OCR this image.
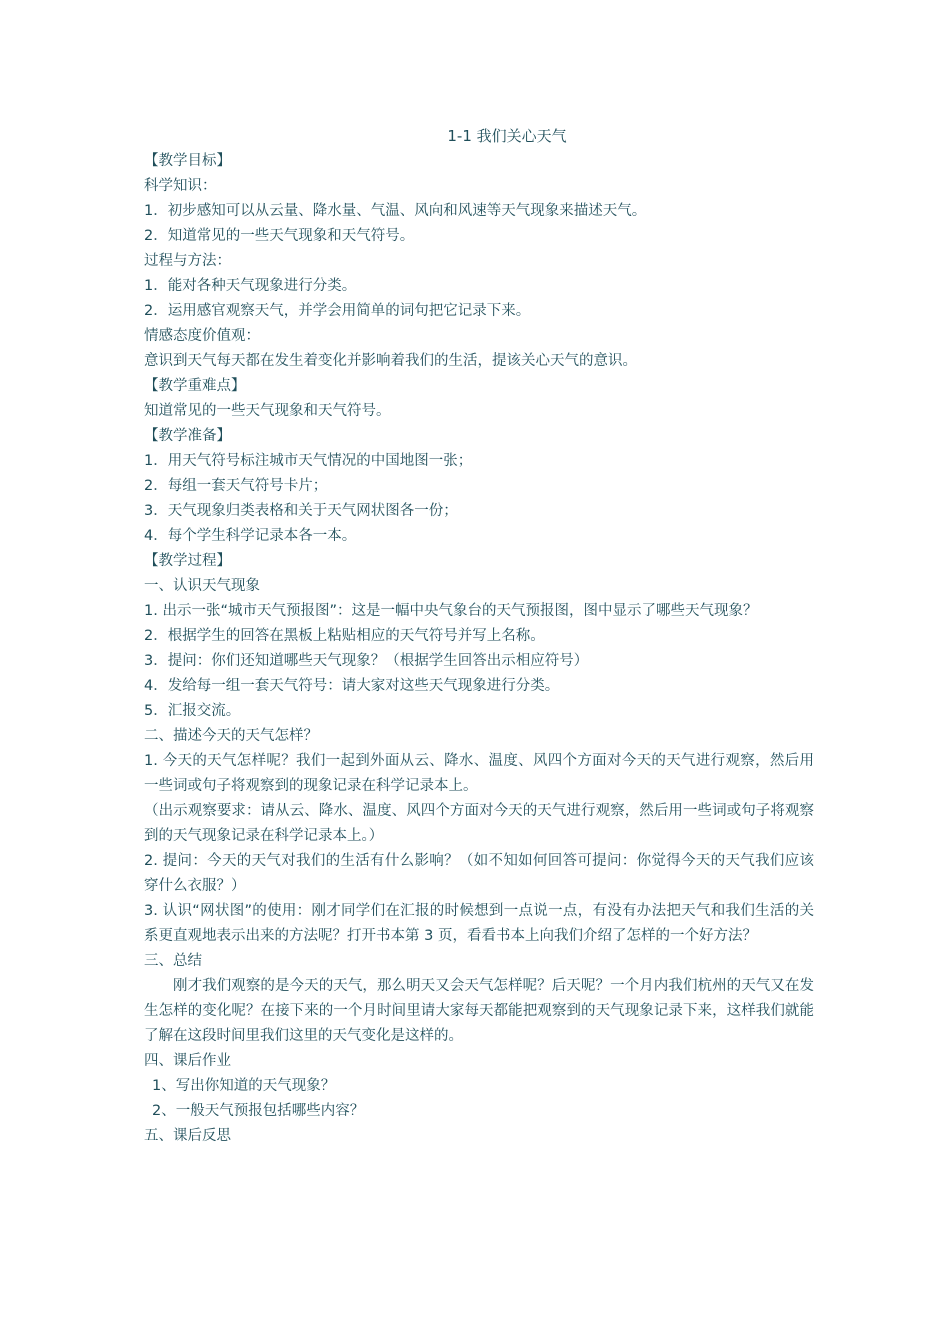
1-1 我们关心天气
【教学目标】
科学知识：
1．初步感知可以从云量、降水量、气温、风向和风速等天气现象来描述天气。
2．知道常见的一些天气现象和天气符号。
过程与方法：
1．能对各种天气现象进行分类。
2．运用感官观察天气，并学会用简单的词句把它记录下来。
情感态度价值观：
意识到天气每天都在发生着变化并影响着我们的生活，提该关心天气的意识。
【教学重难点】
知道常见的一些天气现象和天气符号。
【教学准备】
1．用天气符号标注城市天气情况的中国地图一张；
2．每组一套天气符号卡片；
3．天气现象归类表格和关于天气网状图各一份；
4．每个学生科学记录本各一本。
【教学过程】
一、认识天气现象
1. 出示一张“城市天气预报图”：这是一幅中央气象台的天气预报图，图中显示了哪些天气现象？
2．根据学生的回答在黑板上粘贴相应的天气符号并写上名称。
3．提问：你们还知道哪些天气现象？（根据学生回答出示相应符号）
4．发给每一组一套天气符号：请大家对这些天气现象进行分类。
5．汇报交流。
二、描述今天的天气怎样？
1. 今天的天气怎样呢？我们一起到外面从云、降水、温度、风四个方面对今天的天气进行观察，然后用一些词或句子将观察到的现象记录在科学记录本上。
（出示观察要求：请从云、降水、温度、风四个方面对今天的天气进行观察，然后用一些词或句子将观察到的天气现象记录在科学记录本上。）
2. 提问：今天的天气对我们的生活有什么影响？（如不知如何回答可提问：你觉得今天的天气我们应该穿什么衣服？）
3. 认识“网状图”的使用：刚才同学们在汇报的时候想到一点说一点，有没有办法把天气和我们生活的关系更直观地表示出来的方法呢？打开书本第 3 页，看看书本上向我们介绍了怎样的一个好方法？
三、总结
刚才我们观察的是今天的天气，那么明天又会天气怎样呢？后天呢？一个月内我们杭州的天气又在发生怎样的变化呢？在接下来的一个月时间里请大家每天都能把观察到的天气现象记录下来，这样我们就能了解在这段时间里我们这里的天气变化是这样的。
四、课后作业
1、写出你知道的天气现象？
2、一般天气预报包括哪些内容？
五、课后反思
